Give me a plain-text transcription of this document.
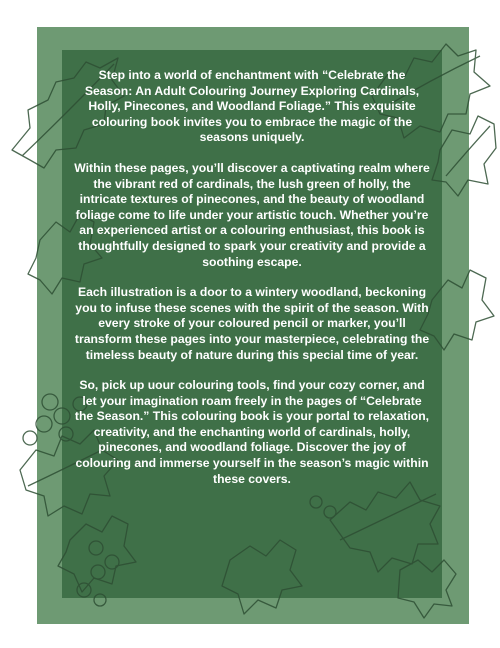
Step into a world of enchantment with “Celebrate the Season: An Adult Colouring Journey Exploring Cardinals, Holly, Pinecones, and Woodland Foliage.” This exquisite colouring book invites you to embrace the magic of the seasons uniquely.

Within these pages, you’ll discover a captivating realm where the vibrant red of cardinals, the lush green of holly, the intricate textures of pinecones, and the beauty of woodland foliage come to life under your artistic touch. Whether you’re an experienced artist or a colouring enthusiast, this book is thoughtfully designed to spark your creativity and provide a soothing escape.

Each illustration is a door to a wintery woodland, beckoning you to infuse these scenes with the spirit of the season. With every stroke of your coloured pencil or marker, you’ll transform these pages into your masterpiece, celebrating the timeless beauty of nature during this special time of year.

So, pick up uour colouring tools, find your cozy corner, and let your imagination roam freely in the pages of “Celebrate the Season.” This colouring book is your portal to relaxation, creativity, and the enchanting world of cardinals, holly, pinecones, and woodland foliage. Discover the joy of colouring and immerse yourself in the season’s magic within these covers.
